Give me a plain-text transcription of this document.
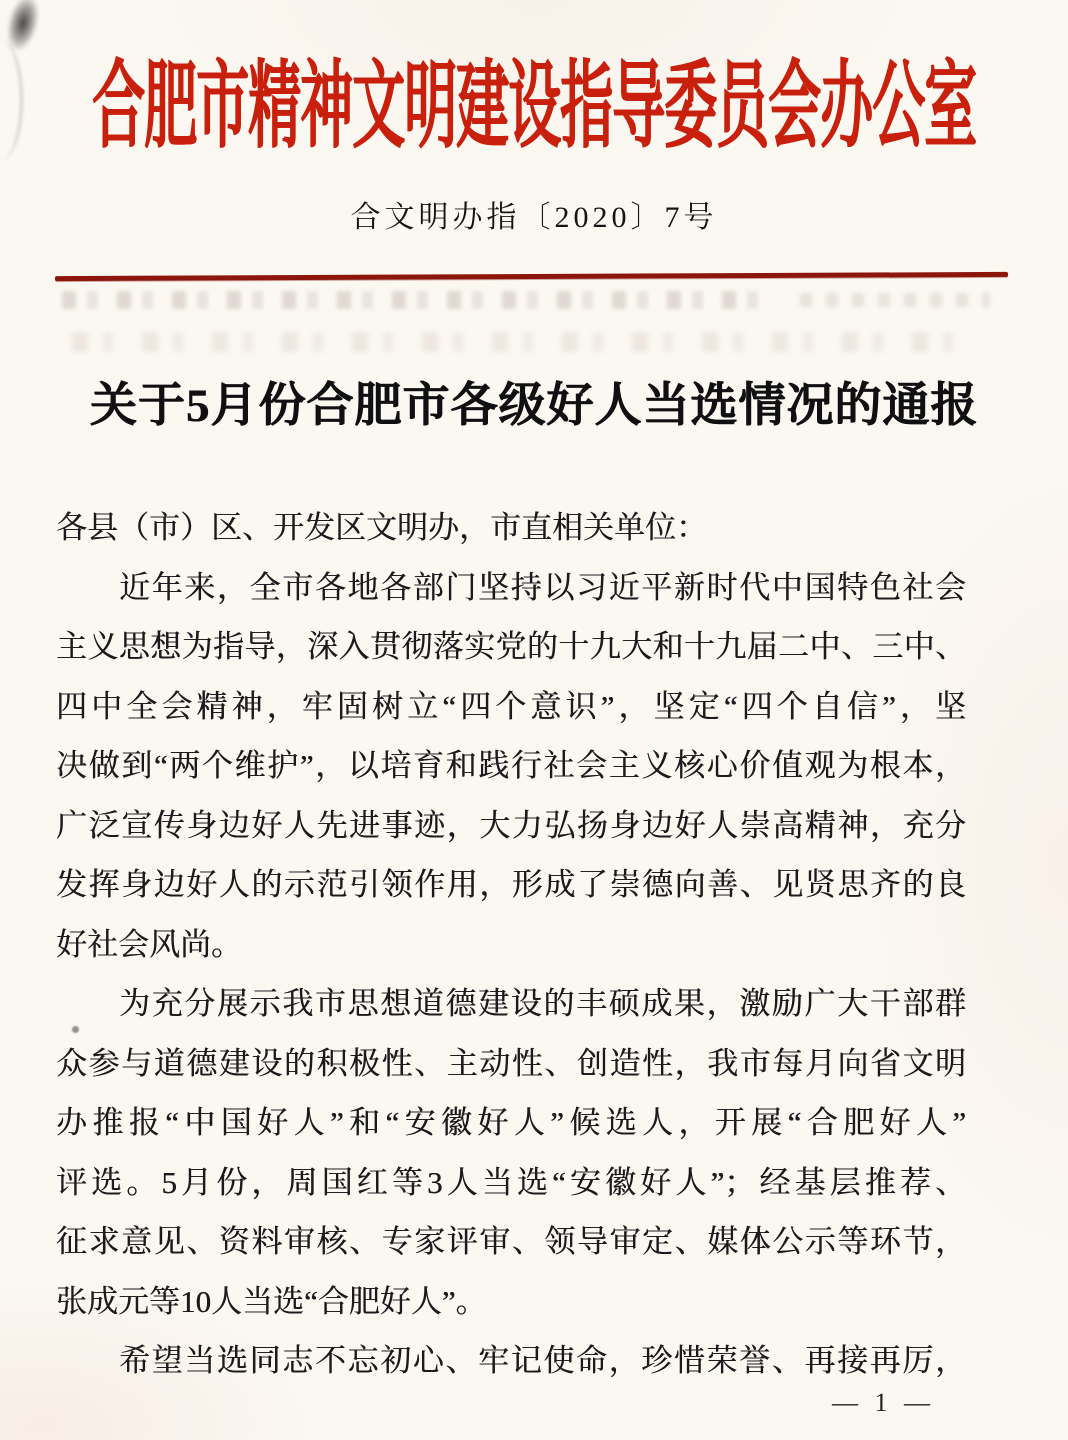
合肥市精神文明建设指导委员会办公室
合文明办指〔2020〕7号
关于5月份合肥市各级好人当选情况的通报
各县（市）区、开发区文明办，市直相关单位：
近年来，全市各地各部门坚持以习近平新时代中国特色社会
主义思想为指导，深入贯彻落实党的十九大和十九届二中、三中、
四中全会精神，牢固树立“四个意识”，坚定“四个自信”，坚
决做到“两个维护”，以培育和践行社会主义核心价值观为根本，
广泛宣传身边好人先进事迹，大力弘扬身边好人崇高精神，充分
发挥身边好人的示范引领作用，形成了崇德向善、见贤思齐的良
好社会风尚。
为充分展示我市思想道德建设的丰硕成果，激励广大干部群
众参与道德建设的积极性、主动性、创造性，我市每月向省文明
办推报“中国好人”和“安徽好人”候选人，开展“合肥好人”
评选。5月份，周国红等3人当选“安徽好人”；经基层推荐、
征求意见、资料审核、专家评审、领导审定、媒体公示等环节，
张成元等10人当选“合肥好人”。
希望当选同志不忘初心、牢记使命，珍惜荣誉、再接再厉，
— 1 —
